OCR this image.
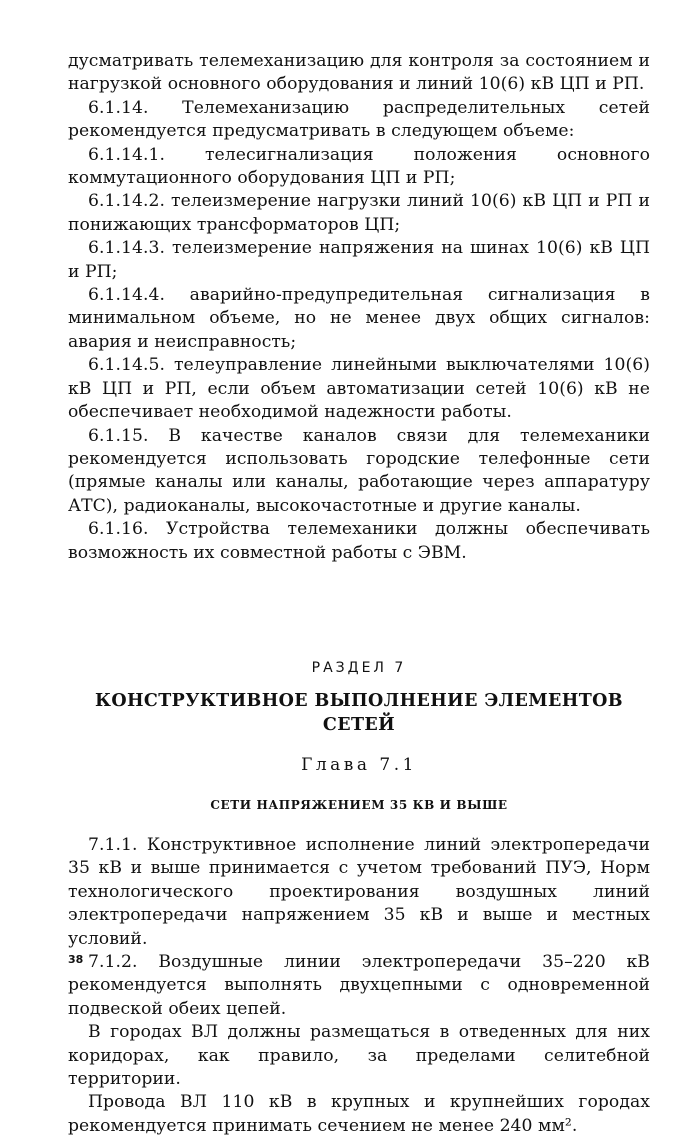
дусматривать телемеханизацию для контроля за состоянием и нагрузкой основного оборудования и линий 10(6) кВ ЦП и РП.

6.1.14. Телемеханизацию распределительных сетей рекомендуется предусматривать в следующем объеме:

6.1.14.1. телесигнализация положения основного коммутационного оборудования ЦП и РП;

6.1.14.2. телеизмерение нагрузки линий 10(6) кВ ЦП и РП и понижающих трансформаторов ЦП;

6.1.14.3. телеизмерение напряжения на шинах 10(6) кВ ЦП и РП;

6.1.14.4. аварийно-предупредительная сигнализация в минимальном объеме, но не менее двух общих сигналов: авария и неисправность;

6.1.14.5. телеуправление линейными выключателями 10(6) кВ ЦП и РП, если объем автоматизации сетей 10(6) кВ не обеспечивает необходимой надежности работы.

6.1.15. В качестве каналов связи для телемеханики рекомендуется использовать городские телефонные сети (прямые каналы или каналы, работающие через аппаратуру АТС), радиоканалы, высокочастотные и другие каналы.

6.1.16. Устройства телемеханики должны обеспечивать возможность их совместной работы с ЭВМ.

РАЗДЕЛ 7
КОНСТРУКТИВНОЕ ВЫПОЛНЕНИЕ ЭЛЕМЕНТОВ СЕТЕЙ
Глава 7.1
СЕТИ НАПРЯЖЕНИЕМ 35 КВ И ВЫШЕ

7.1.1. Конструктивное исполнение линий электропередачи 35 кВ и выше принимается с учетом требований ПУЭ, Норм технологического проектирования воздушных линий электропередачи напряжением 35 кВ и выше и местных условий.

7.1.2. Воздушные линии электропередачи 35–220 кВ рекомендуется выполнять двухцепными с одновременной подвеской обеих цепей.

В городах ВЛ должны размещаться в отведенных для них коридорах, как правило, за пределами селитебной территории.

Провода ВЛ 110 кВ в крупных и крупнейших городах рекомендуется принимать сечением не менее 240 мм².

38
